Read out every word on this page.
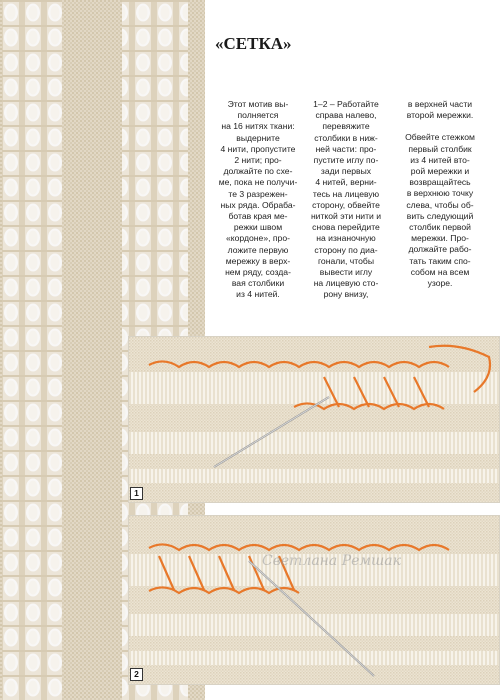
«СЕТКА»
Этот мотив вы-
полняется
на 16 нитях ткани:
выдерните
4 нити, пропустите
2 нити; про-
должайте по схе-
ме, пока не получи-
те 3 разрежен-
ных ряда. Обраба-
ботав края ме-
режки швом
«кордоне», про-
ложите первую
мережку в верх-
нем ряду, созда-
вая столбики
из 4 нитей.
1–2 – Работайте
справа налево,
перевяжите
столбики в ниж-
ней части: про-
пустите иглу по-
зади первых
4 нитей, верни-
тесь на лицевую
сторону, обвейте
ниткой эти нити и
снова перейдите
на изнаночную
сторону по диа-
гонали, чтобы
вывести иглу
на лицевую сто-
рону внизу,
в верхней части
второй мережки.
Обвейте стежком
первый столбик
из 4 нитей вто-
рой мережки и
возвращайтесь
в верхнюю точку
слева, чтобы об-
вить следующий
столбик первой
мережки. Про-
должайте рабо-
тать таким спо-
собом на всем
узоре.
1
2
Светлана Ремшак
